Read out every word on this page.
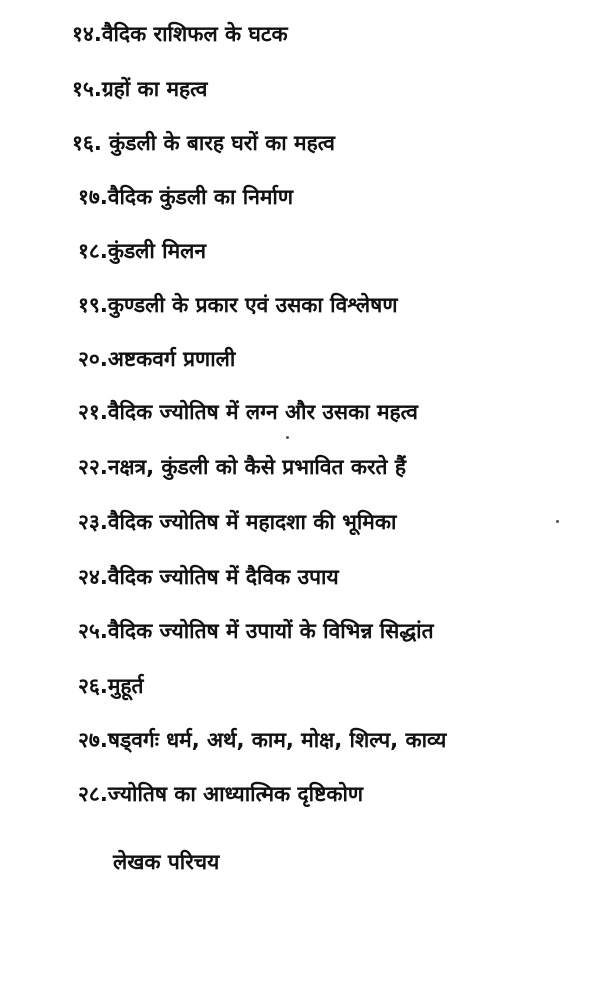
१४.वैदिक राशिफल के घटक
१५.ग्रहों का महत्व
१६. कुंडली के बारह घरों का महत्व
१७.वैदिक कुंडली का निर्माण
१८.कुंडली मिलन
१९.कुण्डली के प्रकार एवं उसका विश्लेषण
२०.अष्टकवर्ग प्रणाली
२१.वैदिक ज्योतिष में लग्न और उसका महत्व
२२.नक्षत्र, कुंडली को कैसे प्रभावित करते हैं
२३.वैदिक ज्योतिष में महादशा की भूमिका
२४.वैदिक ज्योतिष में दैविक उपाय
२५.वैदिक ज्योतिष में उपायों के विभिन्न सिद्धांत
२६.मुहूर्त
२७.षड्वर्गः धर्म, अर्थ, काम, मोक्ष, शिल्प, काव्य
२८.ज्योतिष का आध्यात्मिक दृष्टिकोण
लेखक परिचय
